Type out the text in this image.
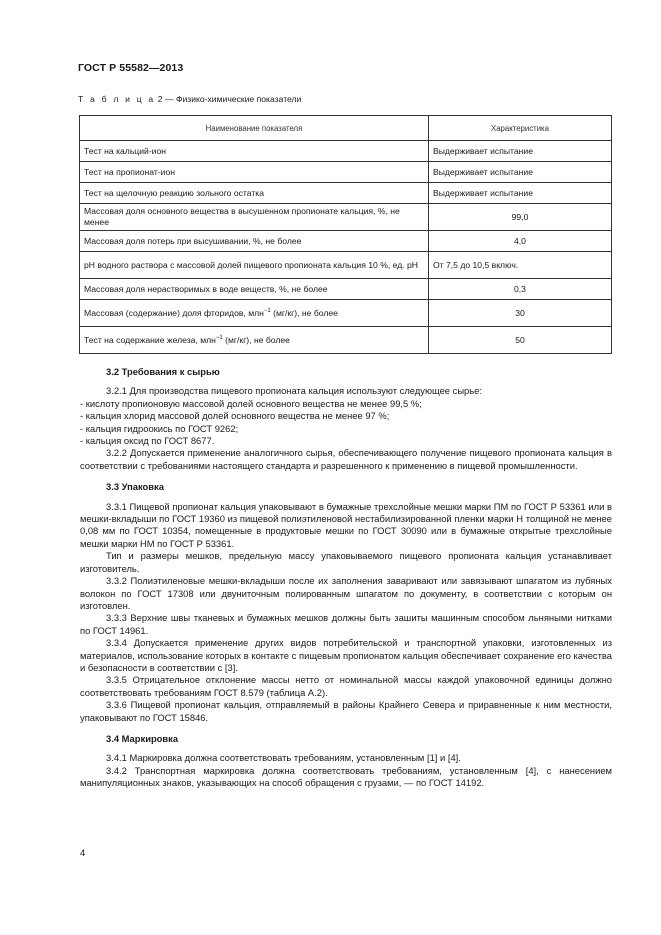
ГОСТ Р 55582—2013
Т а б л и ц а 2 — Физико-химические показатели
Наименование показателя	Характеристика
Тест на кальций-ион	Выдерживает испытание
Тест на пропионат-ион	Выдерживает испытание
Тест на щелочную реакцию зольного остатка	Выдерживает испытание
Массовая доля основного вещества в высушенном пропионате кальция, %, не менее	99,0
Массовая доля потерь при высушивании, %, не более	4,0
pH водного раствора с массовой долей пищевого пропионата кальция 10 %, ед. pH	От 7,5 до 10,5 включ.
Массовая доля нерастворимых в воде веществ, %, не более	0,3
Массовая (содержание) доля фторидов, млн$^{-1}$ (мг/кг), не более	30
Тест на содержание железа, млн$^{-1}$ (мг/кг), не более	50

3.2 Требования к сырью

3.2.1 Для производства пищевого пропионата кальция используют следующее сырье:

- кислоту пропионовую массовой долей основного вещества не менее 99,5 %;

- кальция хлорид массовой долей основного вещества не менее 97 %;

- кальция гидроокись по ГОСТ 9262;

- кальция оксид по ГОСТ 8677.

3.2.2 Допускается применение аналогичного сырья, обеспечивающего получение пищевого пропионата кальция в соответствии с требованиями настоящего стандарта и разрешенного к применению в пищевой промышленности.

3.3 Упаковка

3.3.1 Пищевой пропионат кальция упаковывают в бумажные трехслойные мешки марки ПМ по ГОСТ Р 53361 или в мешки-вкладыши по ГОСТ 19360 из пищевой полиэтиленовой нестабилизированной пленки марки Н толщиной не менее 0,08 мм по ГОСТ 10354, помещенные в продуктовые мешки по ГОСТ 30090 или в бумажные открытые трехслойные мешки марки НМ по ГОСТ Р 53361.

Тип и размеры мешков, предельную массу упаковываемого пищевого пропионата кальция устанавливает изготовитель.

3.3.2 Полиэтиленовые мешки-вкладыши после их заполнения заваривают или завязывают шпагатом из лубяных волокон по ГОСТ 17308 или двуниточным полированным шпагатом по документу, в соответствии с которым он изготовлен.

3.3.3 Верхние швы тканевых и бумажных мешков должны быть зашиты машинным способом льняными нитками по ГОСТ 14961.

3.3.4 Допускается применение других видов потребительской и транспортной упаковки, изготовленных из материалов, использование которых в контакте с пищевым пропионатом кальция обеспечивает сохранение его качества и безопасности в соответствии с [3].

3.3.5 Отрицательное отклонение массы нетто от номинальной массы каждой упаковочной единицы должно соответствовать требованиям ГОСТ 8.579 (таблица А.2).

3.3.6 Пищевой пропионат кальция, отправляемый в районы Крайнего Севера и приравненные к ним местности, упаковывают по ГОСТ 15846.

3.4 Маркировка

3.4.1 Маркировка должна соответствовать требованиям, установленным [1] и [4].

3.4.2 Транспортная маркировка должна соответствовать требованиям, установленным [4], с нанесением манипуляционных знаков, указывающих на способ обращения с грузами, — по ГОСТ 14192.

4
